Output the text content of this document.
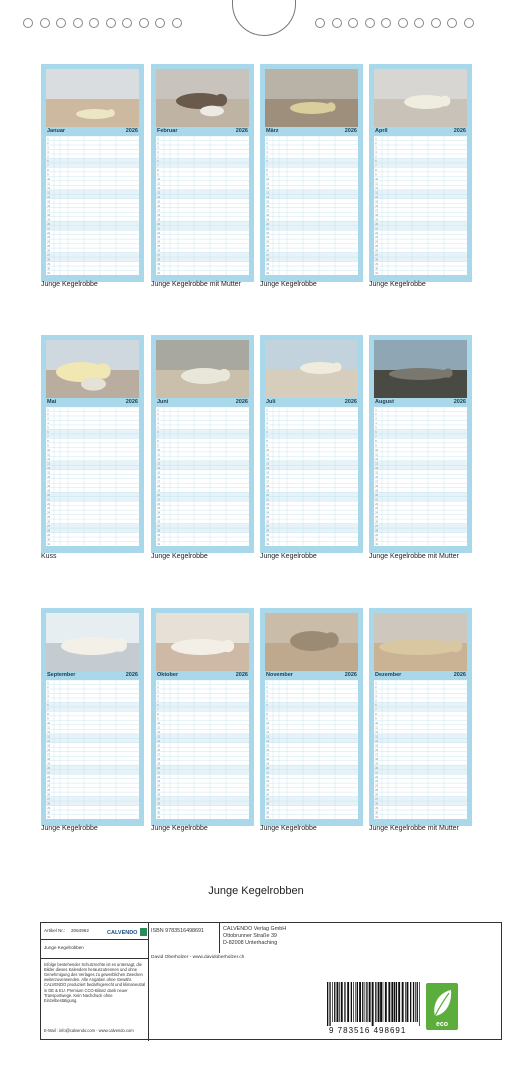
Januar	2026
1
2
3
4
5
6
7
8
9
10
11
12
13
14
15
16
17
18
19
20
21
22
23
24
25
26
27
28
29
30
31
Junge Kegelrobbe
Februar	2026
1
2
3
4
5
6
7
8
9
10
11
12
13
14
15
16
17
18
19
20
21
22
23
24
25
26
27
28
29
30
31
Junge Kegelrobbe mit Mutter
März	2026
1
2
3
4
5
6
7
8
9
10
11
12
13
14
15
16
17
18
19
20
21
22
23
24
25
26
27
28
29
30
31
Junge Kegelrobbe
April	2026
1
2
3
4
5
6
7
8
9
10
11
12
13
14
15
16
17
18
19
20
21
22
23
24
25
26
27
28
29
30
31
Junge Kegelrobbe
Mai	2026
1
2
3
4
5
6
7
8
9
10
11
12
13
14
15
16
17
18
19
20
21
22
23
24
25
26
27
28
29
30
31
Kuss
Juni	2026
1
2
3
4
5
6
7
8
9
10
11
12
13
14
15
16
17
18
19
20
21
22
23
24
25
26
27
28
29
30
31
Junge Kegelrobbe
Juli	2026
1
2
3
4
5
6
7
8
9
10
11
12
13
14
15
16
17
18
19
20
21
22
23
24
25
26
27
28
29
30
31
Junge Kegelrobbe
August	2026
1
2
3
4
5
6
7
8
9
10
11
12
13
14
15
16
17
18
19
20
21
22
23
24
25
26
27
28
29
30
31
Junge Kegelrobbe mit Mutter
September	2026
1
2
3
4
5
6
7
8
9
10
11
12
13
14
15
16
17
18
19
20
21
22
23
24
25
26
27
28
29
30
31
Junge Kegelrobbe
Oktober	2026
1
2
3
4
5
6
7
8
9
10
11
12
13
14
15
16
17
18
19
20
21
22
23
24
25
26
27
28
29
30
31
Junge Kegelrobbe
November	2026
1
2
3
4
5
6
7
8
9
10
11
12
13
14
15
16
17
18
19
20
21
22
23
24
25
26
27
28
29
30
31
Junge Kegelrobbe
Dezember	2026
1
2
3
4
5
6
7
8
9
10
11
12
13
14
15
16
17
18
19
20
21
22
23
24
25
26
27
28
29
30
31
Junge Kegelrobbe mit Mutter
Junge Kegelrobben
Artikel Nr.: 2064962	CALVENDO
Junge Kegelrobben
Infolge bestehender Schutzrechte ist es untersagt, die Bilder dieses Kalenders herauszutrennen und ohne Genehmigung des Verlages zu gewerblichen Zwecken weiterzuverwenden. Alle Angaben ohne Gewähr. CALVENDO produziert bedarfsgerecht und klimaneutral in DE & EU. Premium CCO-Bilanz dank neuer Transportwege. Kein Nachdruck ohne Einzelbestätigung.
E-Mail : info@calvendo.com - www.calvendo.com
ISBN 9783516498691	CALVENDO Verlag GmbH
Ottobrunner Straße 39
D-82008 Unterhaching
David Oberholzer - www.davidoberholzer.ch
9 783516 498691
eco
